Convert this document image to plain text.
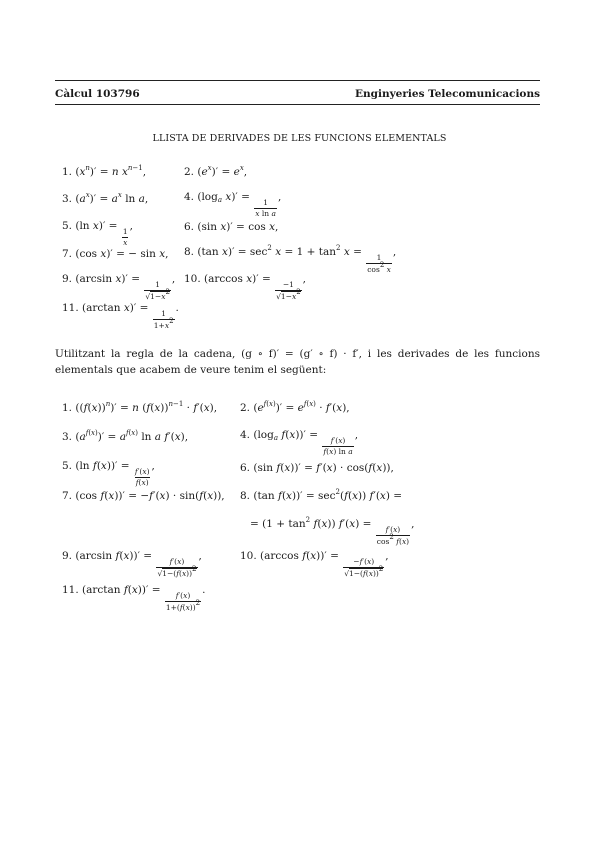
Càlcul 103796	Enginyeries Telecomunicacions
LLISTA DE DERIVADES DE LES FUNCIONS ELEMENTALS
1. $(x^n)' = n$ $x^{n-1}$,	2. $(e^x)' = e^x$,
3. $(a^x)' = a^x$ ln a,	4. ($\log_a$ x)′ =
$\frac{1}{\text{x ln a}}$
,
5. (ln x)′ =
$\frac{1}{x}$
,	6. (sin x)′ = cos x,
7. (cos x)′ = − sin x, 8. (tan $x)' = \sec^2 x = 1 + \tan^2 x$ =
$\frac{1}{\cos^2 x}$
,
9. (arcsin x)′ =
$\frac{1}{√1-x^2}$
, 10. (arccos x)′ =
$\frac{-1}{√1-x^2}$
,
11. (arctan x)′ =
$\frac{1}{1+x^2}$
.
Utilitzant la regla de la cadena, (g ∘ f)′ = (g′ ∘ f) · f′, i les derivades de les funcions elementals que acabem de veure tenim el següent:
1. $((f(x))^n)' = n$ $(f(x))^{n-1} \cdot f'(x)$, 2. $(e^{f(x)})' = e^{f(x)} \cdot f'(x)$,
3. $(a^{f(x)})' = a^{f(x)}$ ln a f′(x),	4. ($\log_a$ f(x))′ =
$\frac{f'(x)}{\text{f(x) ln a}}$
,
5. (ln f(x))′ =
$\frac{f'(x)}{f(x)}$
,	6. (sin f(x))′ = f′(x) · cos(f(x)),
7. (cos f(x))′ = −f′(x) · sin(f(x)), 8. (tan $f(x))' = \sec^2(f(x)) f'(x)$ =
= $(1 + \tan^2 f(x))$ f′(x) =
$\frac{f'(x)}{\cos^2 f(x)}$
,
9. (arcsin f(x))′ =
$\frac{f'(x)}{√1-(f(x))^2}$
,	10. (arccos f(x))′ =
$\frac{-f'(x)}{√1-(f(x))^2}$
,
11. (arctan f(x))′ =
$\frac{f'(x)}{1+(f(x))^2}$
.
